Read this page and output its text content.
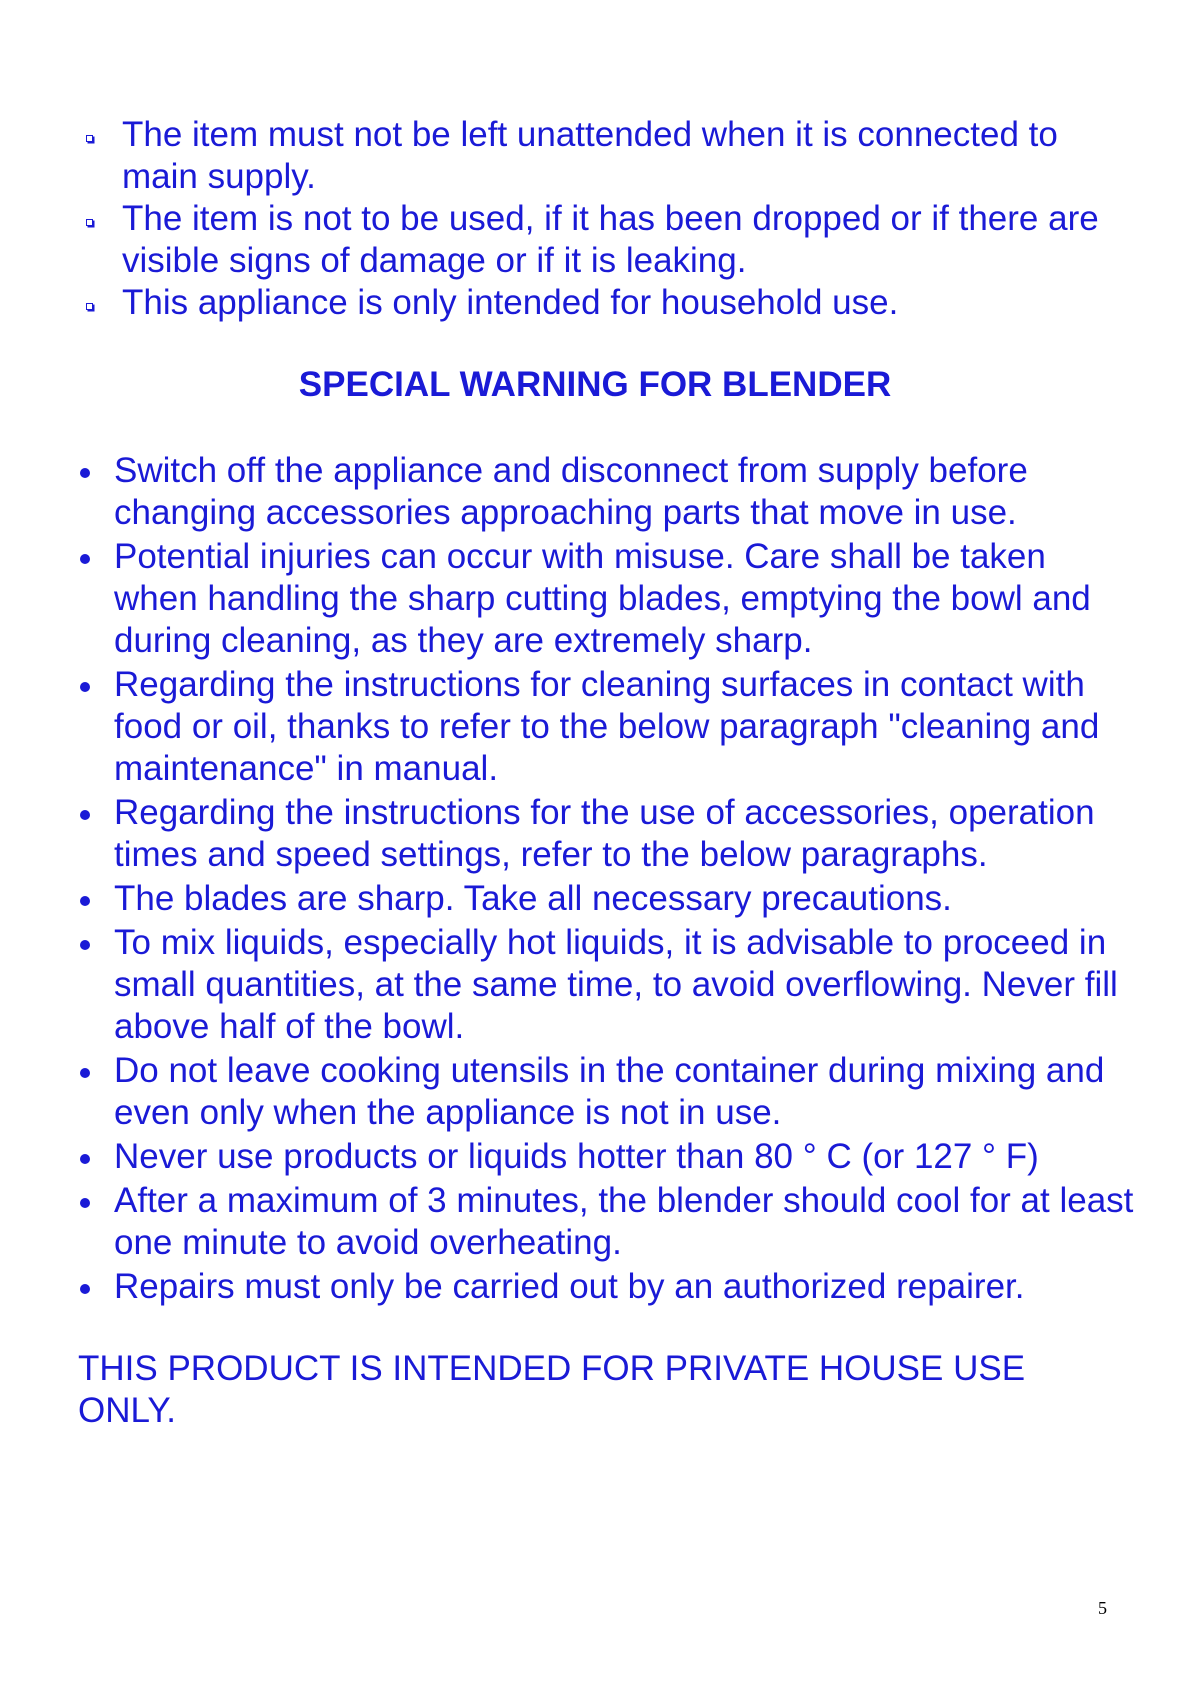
The item must not be left unattended when it is connected to main supply.
The item is not to be used, if it has been dropped or if there are visible signs of damage or if it is leaking.
This appliance is only intended for household use.
SPECIAL WARNING FOR BLENDER
Switch off the appliance and disconnect from supply before changing accessories approaching parts that move in use.
Potential injuries can occur with misuse. Care shall be taken when handling the sharp cutting blades, emptying the bowl and during cleaning, as they are extremely sharp.
Regarding the instructions for cleaning surfaces in contact with food or oil, thanks to refer to the below paragraph "cleaning and maintenance" in manual.
Regarding the instructions for the use of accessories, operation times and speed settings, refer to the below paragraphs.
The blades are sharp. Take all necessary precautions.
To mix liquids, especially hot liquids, it is advisable to proceed in small quantities, at the same time, to avoid overflowing. Never fill above half of the bowl.
Do not leave cooking utensils in the container during mixing and even only when the appliance is not in use.
Never use products or liquids hotter than 80 ° C (or 127 ° F)
After a maximum of 3 minutes, the blender should cool for at least one minute to avoid overheating.
Repairs must only be carried out by an authorized repairer.

THIS PRODUCT IS INTENDED FOR PRIVATE HOUSE USE ONLY.

5
